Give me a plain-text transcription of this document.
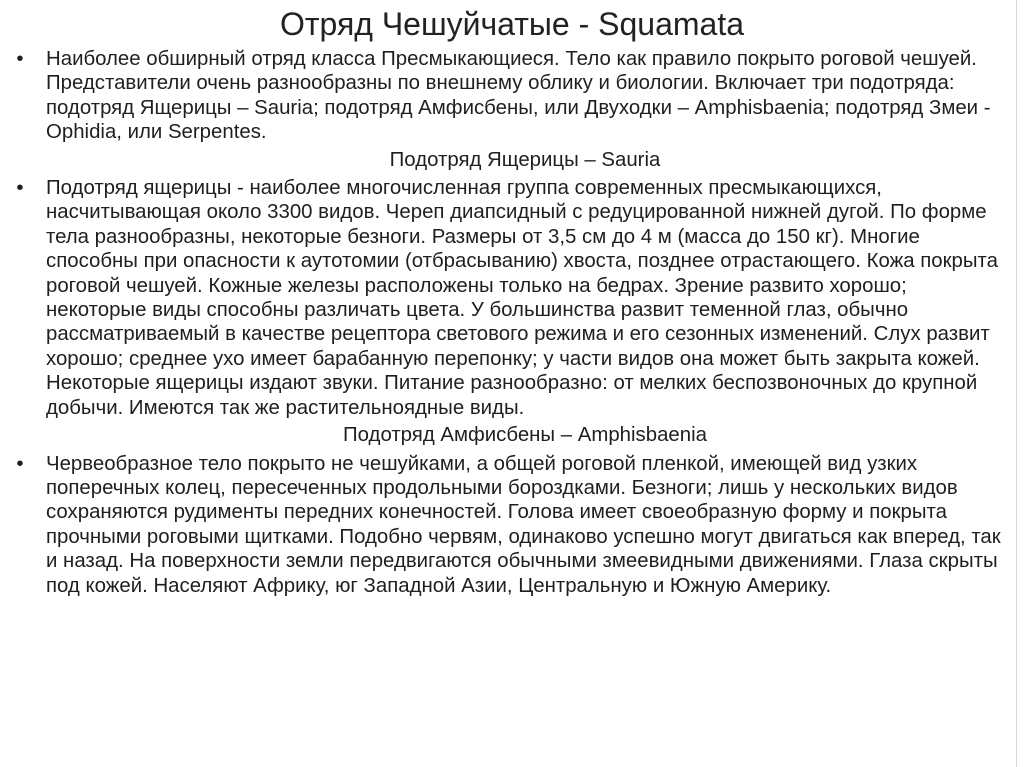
Отряд Чешуйчатые - Squamata
•	Наиболее обширный отряд класса Пресмыкающиеся. Тело как правило покрыто роговой чешуей. Представители очень разнообразны по внешнему облику и биологии. Включает три подотряда: подотряд Ящерицы – Sauria; подотряд Амфисбены, или Двуходки – Amphisbaenia; подотряд Змеи - Ophidia, или Serpentes.
Подотряд Ящерицы – Sauria
•	Подотряд ящерицы - наиболее многочисленная группа современных пресмыкающихся, насчитывающая около 3300 видов. Череп диапсидный с редуцированной нижней дугой. По форме тела разнообразны, некоторые безноги. Размеры от 3,5 см до 4 м (масса до 150 кг). Многие способны при опасности к аутотомии (отбрасыванию) хвоста, позднее отрастающего. Кожа покрыта роговой чешуей. Кожные железы расположены только на бедрах. Зрение развито хорошо; некоторые виды способны различать цвета. У большинства развит теменной глаз, обычно рассматриваемый в качестве рецептора светового режима и его сезонных изменений. Слух развит хорошо; среднее ухо имеет барабанную перепонку; у части видов она может быть закрыта кожей. Некоторые ящерицы издают звуки. Питание разнообразно: от мелких беспозвоночных до крупной добычи. Имеются так же растительноядные виды.
Подотряд Амфисбены – Amphisbaenia
•	Червеобразное тело покрыто не чешуйками, а общей роговой пленкой, имеющей вид узких поперечных колец, пересеченных продольными бороздками. Безноги; лишь у нескольких видов сохраняются рудименты передних конечностей. Голова имеет своеобразную форму и покрыта прочными роговыми щитками. Подобно червям, одинаково успешно могут двигаться как вперед, так и назад. На поверхности земли передвигаются обычными змеевидными движениями. Глаза скрыты под кожей. Населяют Африку, юг Западной Азии, Центральную и Южную Америку.
